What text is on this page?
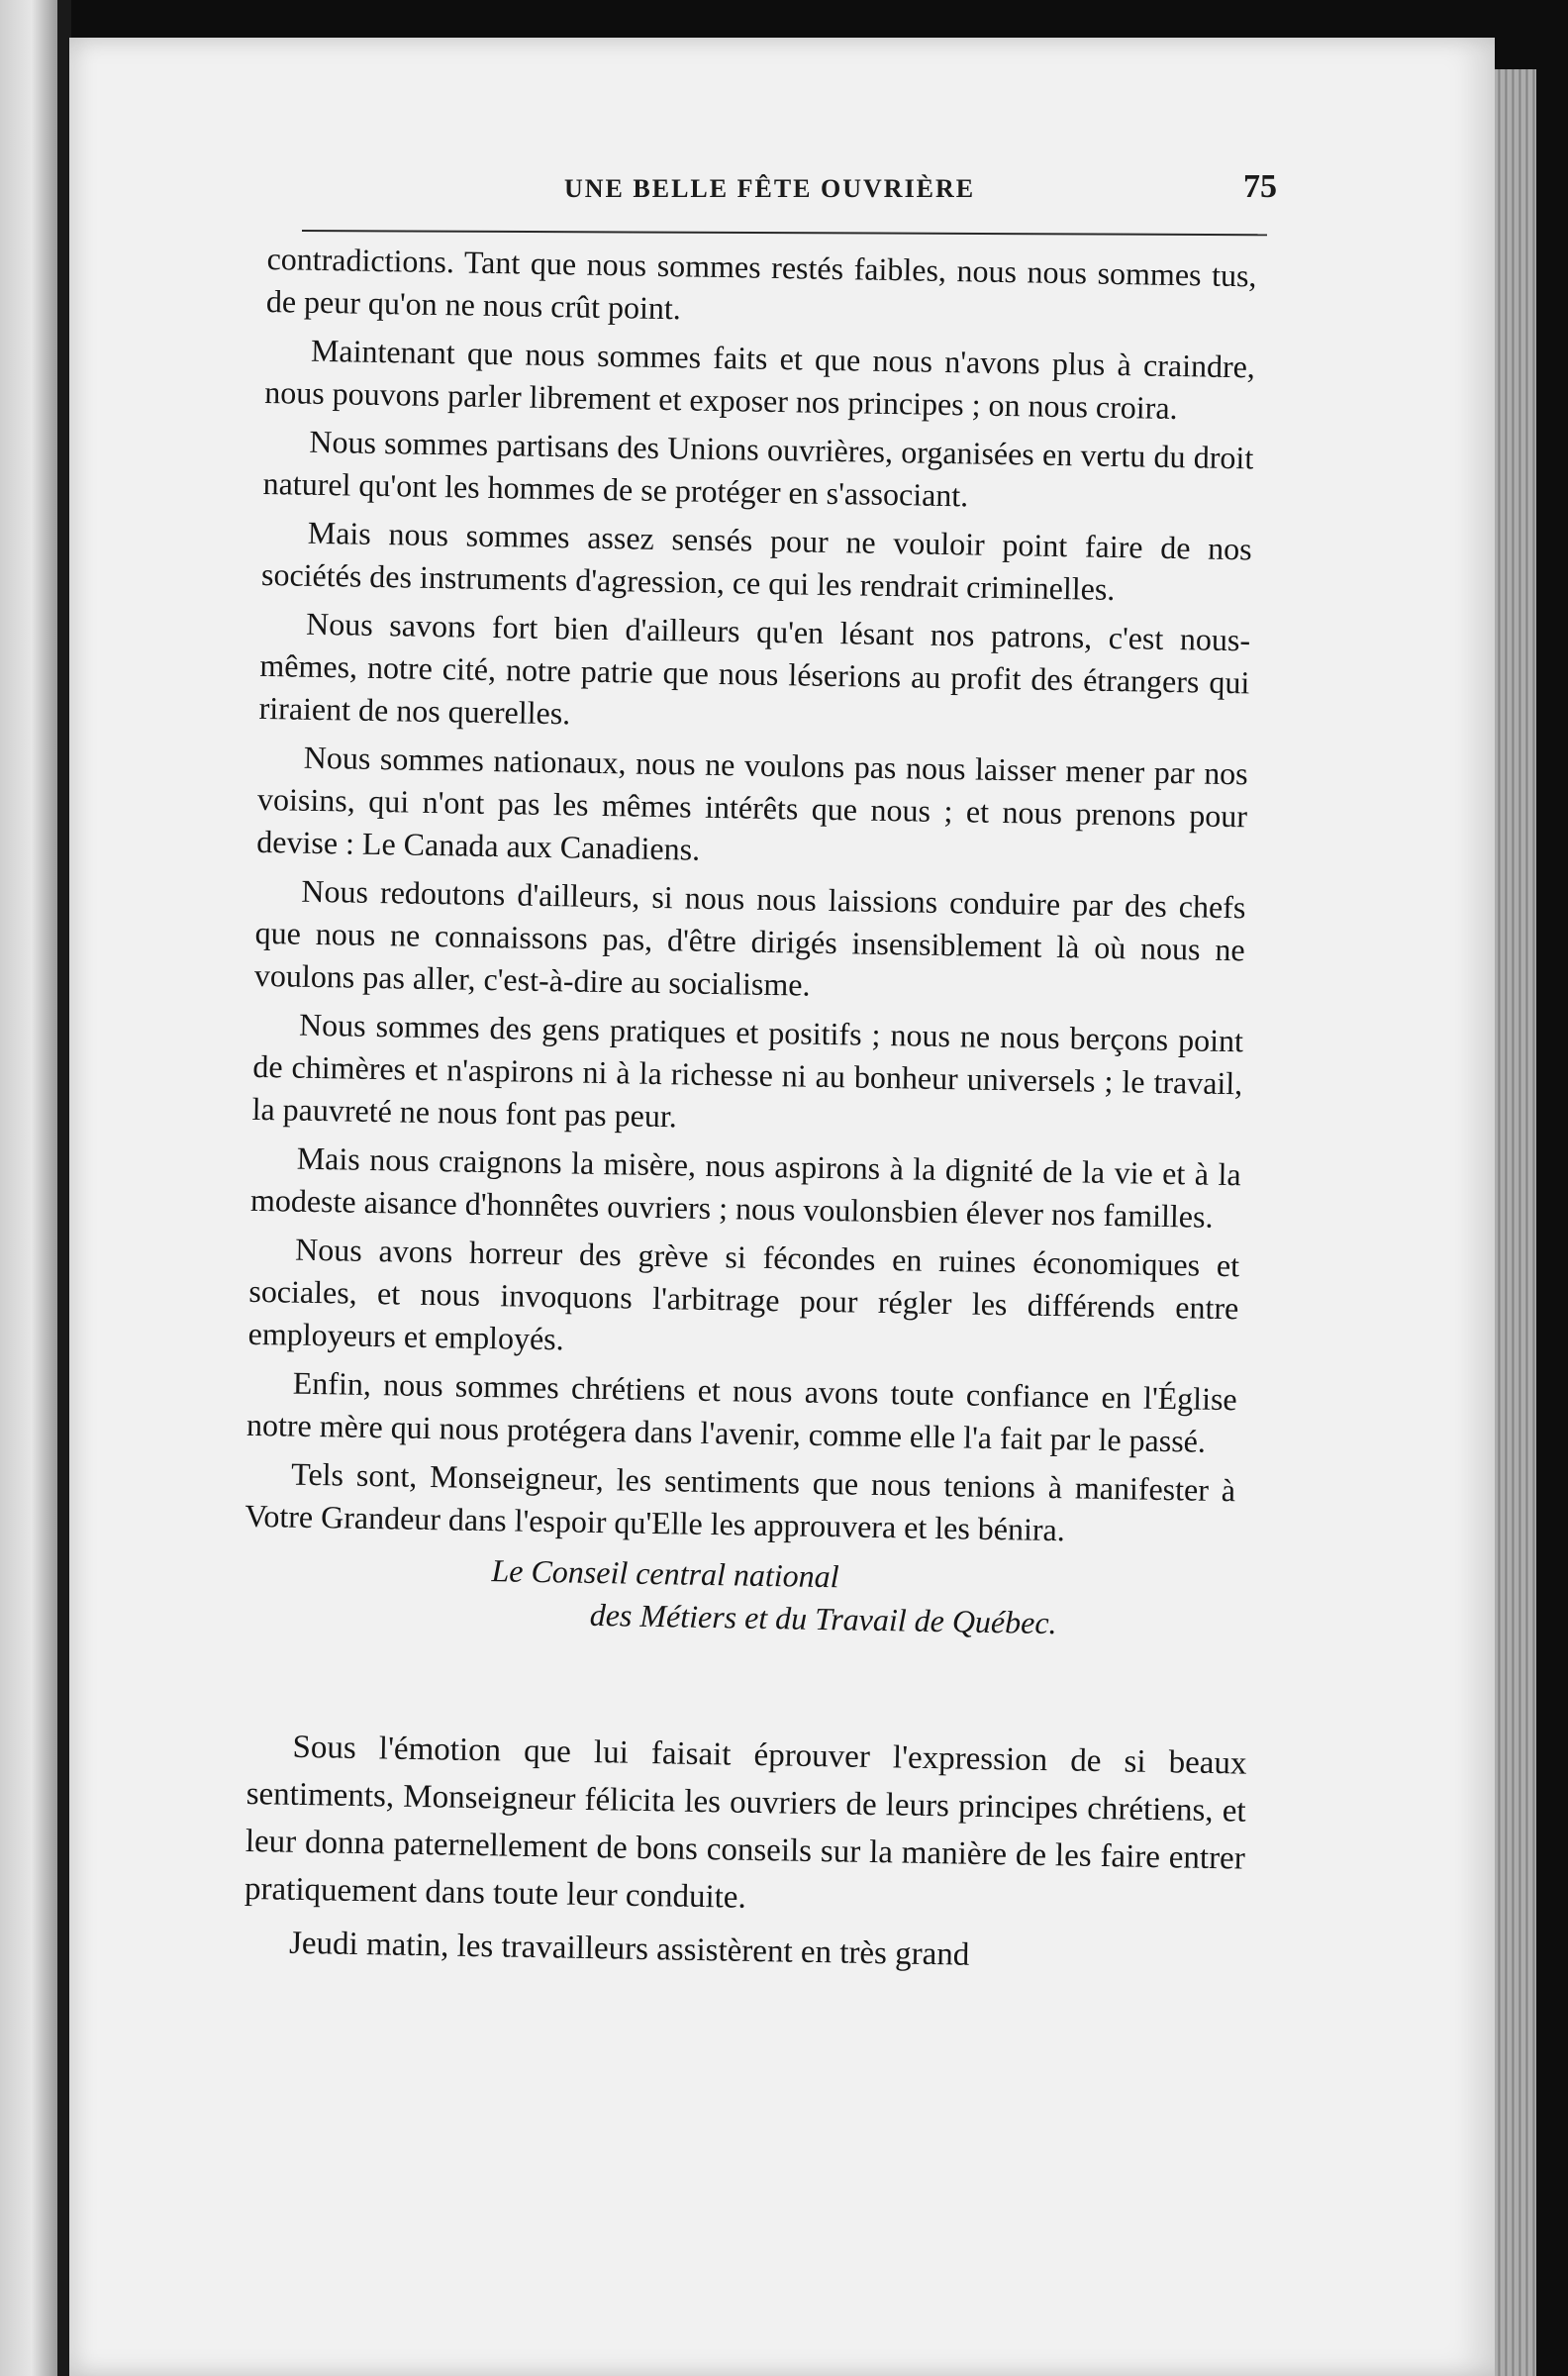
UNE BELLE FÊTE OUVRIÈRE	75

contradictions. Tant que nous sommes restés faibles, nous nous sommes tus, de peur qu'on ne nous crût point.

Maintenant que nous sommes faits et que nous n'avons plus à craindre, nous pouvons parler librement et exposer nos principes ; on nous croira.

Nous sommes partisans des Unions ouvrières, organisées en vertu du droit naturel qu'ont les hommes de se protéger en s'associant.

Mais nous sommes assez sensés pour ne vouloir point faire de nos sociétés des instruments d'agression, ce qui les rendrait criminelles.

Nous savons fort bien d'ailleurs qu'en lésant nos patrons, c'est nous-mêmes, notre cité, notre patrie que nous léserions au profit des étrangers qui riraient de nos querelles.

Nous sommes nationaux, nous ne voulons pas nous laisser mener par nos voisins, qui n'ont pas les mêmes intérêts que nous ; et nous prenons pour devise : Le Canada aux Canadiens.

Nous redoutons d'ailleurs, si nous nous laissions conduire par des chefs que nous ne connaissons pas, d'être dirigés insensiblement là où nous ne voulons pas aller, c'est-à-dire au socialisme.

Nous sommes des gens pratiques et positifs ; nous ne nous berçons point de chimères et n'aspirons ni à la richesse ni au bonheur universels ; le travail, la pauvreté ne nous font pas peur.

Mais nous craignons la misère, nous aspirons à la dignité de la vie et à la modeste aisance d'honnêtes ouvriers ; nous voulonsbien élever nos familles.

Nous avons horreur des grève si fécondes en ruines économiques et sociales, et nous invoquons l'arbitrage pour régler les différends entre employeurs et employés.

Enfin, nous sommes chrétiens et nous avons toute confiance en l'Église notre mère qui nous protégera dans l'avenir, comme elle l'a fait par le passé.

Tels sont, Monseigneur, les sentiments que nous tenions à manifester à Votre Grandeur dans l'espoir qu'Elle les approuvera et les bénira.

Le Conseil central national
des Métiers et du Travail de Québec.

Sous l'émotion que lui faisait éprouver l'expression de si beaux sentiments, Monseigneur félicita les ouvriers de leurs principes chrétiens, et leur donna paternellement de bons conseils sur la manière de les faire entrer pratiquement dans toute leur conduite.

Jeudi matin, les travailleurs assistèrent en très grand
